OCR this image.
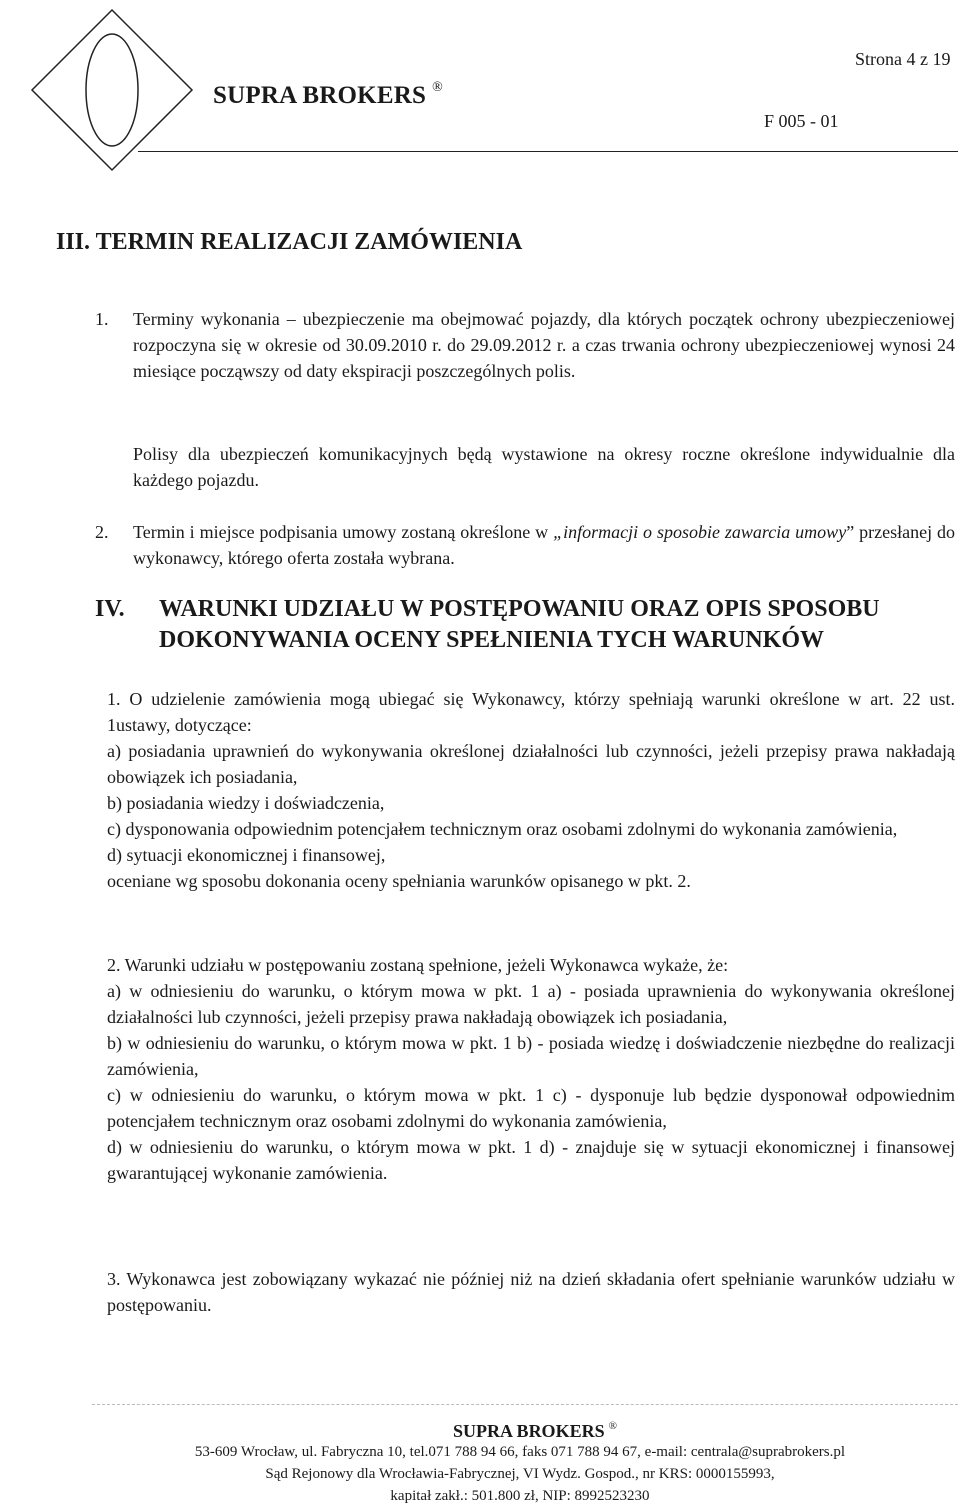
SUPRA BROKERS ®
Strona 4 z 19
F 005 - 01
III. TERMIN REALIZACJI ZAMÓWIENIA
1. Terminy wykonania – ubezpieczenie ma obejmować pojazdy, dla których początek ochrony ubezpieczeniowej rozpoczyna się w okresie od 30.09.2010 r. do 29.09.2012 r. a czas trwania ochrony ubezpieczeniowej wynosi 24 miesiące począwszy od daty ekspiracji poszczególnych polis.
Polisy dla ubezpieczeń komunikacyjnych będą wystawione na okresy roczne określone indywidualnie dla każdego pojazdu.
2. Termin i miejsce podpisania umowy zostaną określone w „informacji o sposobie zawarcia umowy” przesłanej do wykonawcy, którego oferta została wybrana.
IV. WARUNKI UDZIAŁU W POSTĘPOWANIU ORAZ OPIS SPOSOBU
DOKONYWANIA OCENY SPEŁNIENIA TYCH WARUNKÓW
1. O udzielenie zamówienia mogą ubiegać się Wykonawcy, którzy spełniają warunki określone w art. 22 ust. 1ustawy, dotyczące:
a) posiadania uprawnień do wykonywania określonej działalności lub czynności, jeżeli przepisy prawa nakładają obowiązek ich posiadania,
b) posiadania wiedzy i doświadczenia,
c) dysponowania odpowiednim potencjałem technicznym oraz osobami zdolnymi do wykonania zamówienia,
d) sytuacji ekonomicznej i finansowej,
oceniane wg sposobu dokonania oceny spełniania warunków opisanego w pkt. 2.
2. Warunki udziału w postępowaniu zostaną spełnione, jeżeli Wykonawca wykaże, że:
a) w odniesieniu do warunku, o którym mowa w pkt. 1 a) - posiada uprawnienia do wykonywania określonej działalności lub czynności, jeżeli przepisy prawa nakładają obowiązek ich posiadania,
b) w odniesieniu do warunku, o którym mowa w pkt. 1 b) - posiada wiedzę i doświadczenie niezbędne do realizacji zamówienia,
c) w odniesieniu do warunku, o którym mowa w pkt. 1 c) - dysponuje lub będzie dysponował odpowiednim potencjałem technicznym oraz osobami zdolnymi do wykonania zamówienia,
d) w odniesieniu do warunku, o którym mowa w pkt. 1 d) - znajduje się w sytuacji ekonomicznej i finansowej gwarantującej wykonanie zamówienia.
3. Wykonawca jest zobowiązany wykazać nie później niż na dzień składania ofert spełnianie warunków udziału w postępowaniu.
SUPRA BROKERS ®
53-609 Wrocław, ul. Fabryczna 10, tel.071 788 94 66, faks 071 788 94 67, e-mail: centrala@suprabrokers.pl
Sąd Rejonowy dla Wrocławia-Fabrycznej, VI Wydz. Gospod., nr KRS: 0000155993,
kapitał zakł.: 501.800 zł, NIP: 8992523230
